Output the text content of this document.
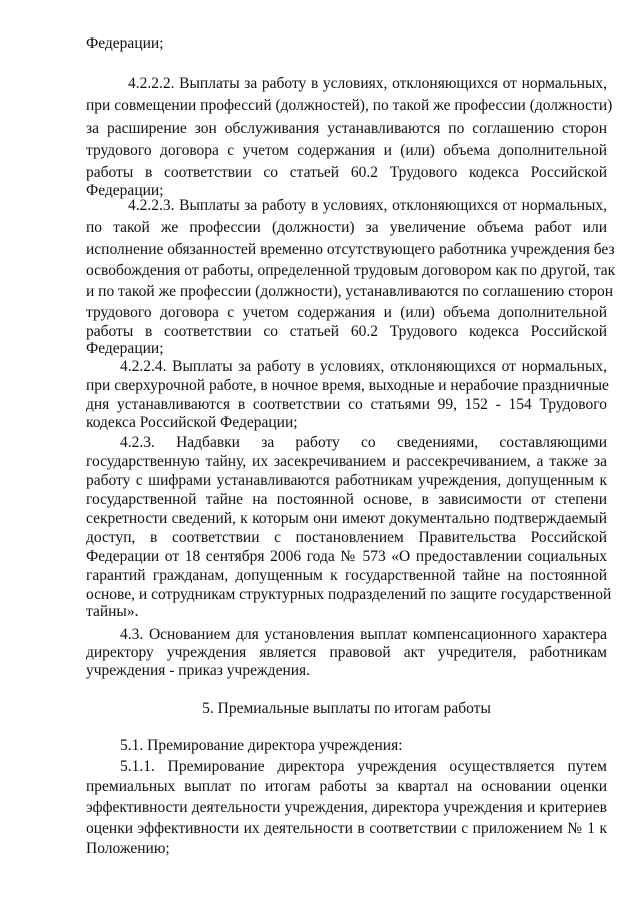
Федерации;
4.2.2.2. Выплаты за работу в условиях, отклоняющихся от нормальных,
при совмещении профессий (должностей), по такой же профессии (должности)
за расширение зон обслуживания устанавливаются по соглашению сторон
трудового договора с учетом содержания и (или) объема дополнительной
работы в соответствии со статьей 60.2 Трудового кодекса Российской
Федерации;
4.2.2.3. Выплаты за работу в условиях, отклоняющихся от нормальных,
по такой же профессии (должности) за увеличение объема работ или
исполнение обязанностей временно отсутствующего работника учреждения без
освобождения от работы, определенной трудовым договором как по другой, так
и по такой же профессии (должности), устанавливаются по соглашению сторон
трудового договора с учетом содержания и (или) объема дополнительной
работы в соответствии со статьей 60.2 Трудового кодекса Российской
Федерации;
4.2.2.4. Выплаты за работу в условиях, отклоняющихся от нормальных,
при сверхурочной работе, в ночное время, выходные и нерабочие праздничные
дня устанавливаются в соответствии со статьями 99, 152 - 154 Трудового
кодекса Российской Федерации;
4.2.3. Надбавки за работу со сведениями, составляющими
государственную тайну, их засекречиванием и рассекречиванием, а также за
работу с шифрами устанавливаются работникам учреждения, допущенным к
государственной тайне на постоянной основе, в зависимости от степени
секретности сведений, к которым они имеют документально подтверждаемый
доступ, в соответствии с постановлением Правительства Российской
Федерации от 18 сентября 2006 года № 573 «О предоставлении социальных
гарантий гражданам, допущенным к государственной тайне на постоянной
основе, и сотрудникам структурных подразделений по защите государственной
тайны».
4.3. Основанием для установления выплат компенсационного характера
директору учреждения является правовой акт учредителя, работникам
учреждения - приказ учреждения.
5. Премиальные выплаты по итогам работы
5.1. Премирование директора учреждения:
5.1.1. Премирование директора учреждения осуществляется путем
премиальных выплат по итогам работы за квартал на основании оценки
эффективности деятельности учреждения, директора учреждения и критериев
оценки эффективности их деятельности в соответствии с приложением № 1 к
Положению;
